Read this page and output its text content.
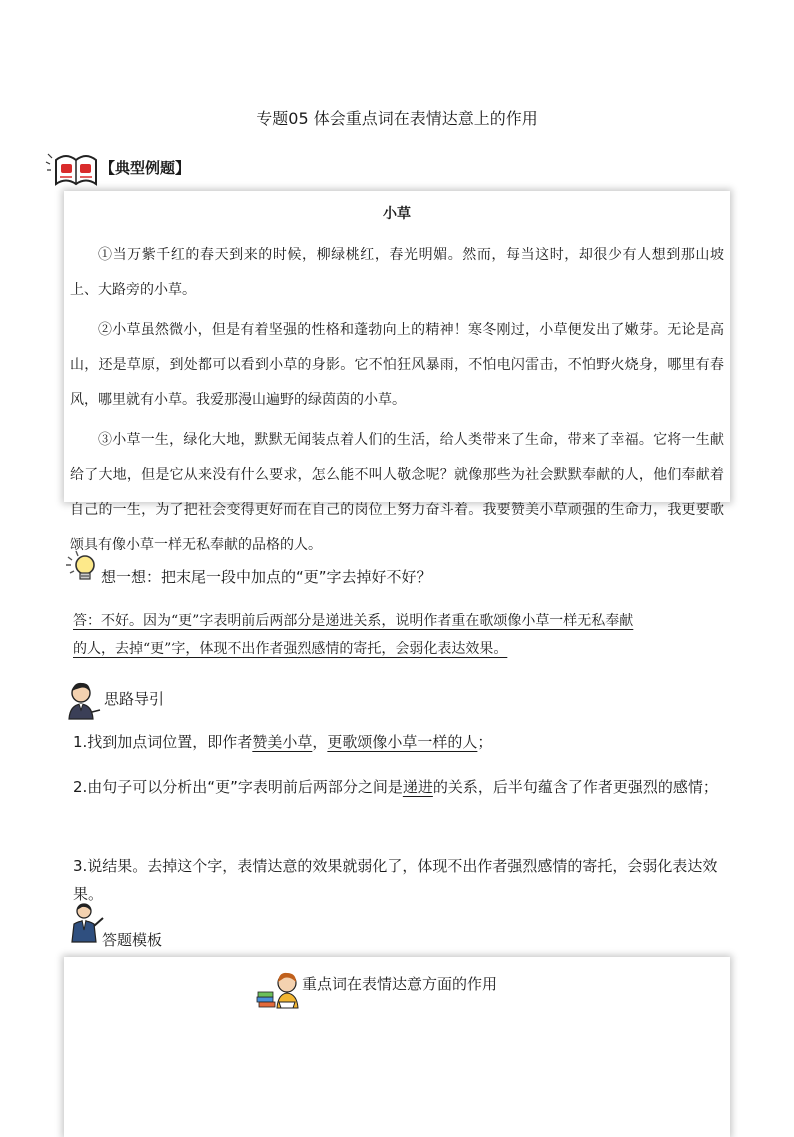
专题05 体会重点词在表情达意上的作用
【典型例题】
小草

①当万紫千红的春天到来的时候，柳绿桃红，春光明媚。然而，每当这时，却很少有人想到那山坡上、大路旁的小草。

②小草虽然微小，但是有着坚强的性格和蓬勃向上的精神！寒冬刚过，小草便发出了嫩芽。无论是高山，还是草原，到处都可以看到小草的身影。它不怕狂风暴雨，不怕电闪雷击，不怕野火烧身，哪里有春风，哪里就有小草。我爱那漫山遍野的绿茵茵的小草。

③小草一生，绿化大地，默默无闻装点着人们的生活，给人类带来了生命，带来了幸福。它将一生献给了大地，但是它从来没有什么要求，怎么能不叫人敬念呢？就像那些为社会默默奉献的人，他们奉献着自己的一生，为了把社会变得更好而在自己的岗位上努力奋斗着。我要赞美小草顽强的生命力，我更要歌颂具有像小草一样无私奉献的品格的人。

想一想：把末尾一段中加点的“更”字去掉好不好？

答：不好。因为“更”字表明前后两部分是递进关系，说明作者重在歌颂像小草一样无私奉献
的人，去掉“更”字，体现不出作者强烈感情的寄托，会弱化表达效果。

思路导引

1.找到加点词位置，即作者赞美小草，更歌颂像小草一样的人；

2.由句子可以分析出“更”字表明前后两部分之间是递进的关系，后半句蕴含了作者更强烈的感情；

3.说结果。去掉这个字，表情达意的效果就弱化了，体现不出作者强烈感情的寄托，会弱化表达效果。

答题模板
重点词在表情达意方面的作用
